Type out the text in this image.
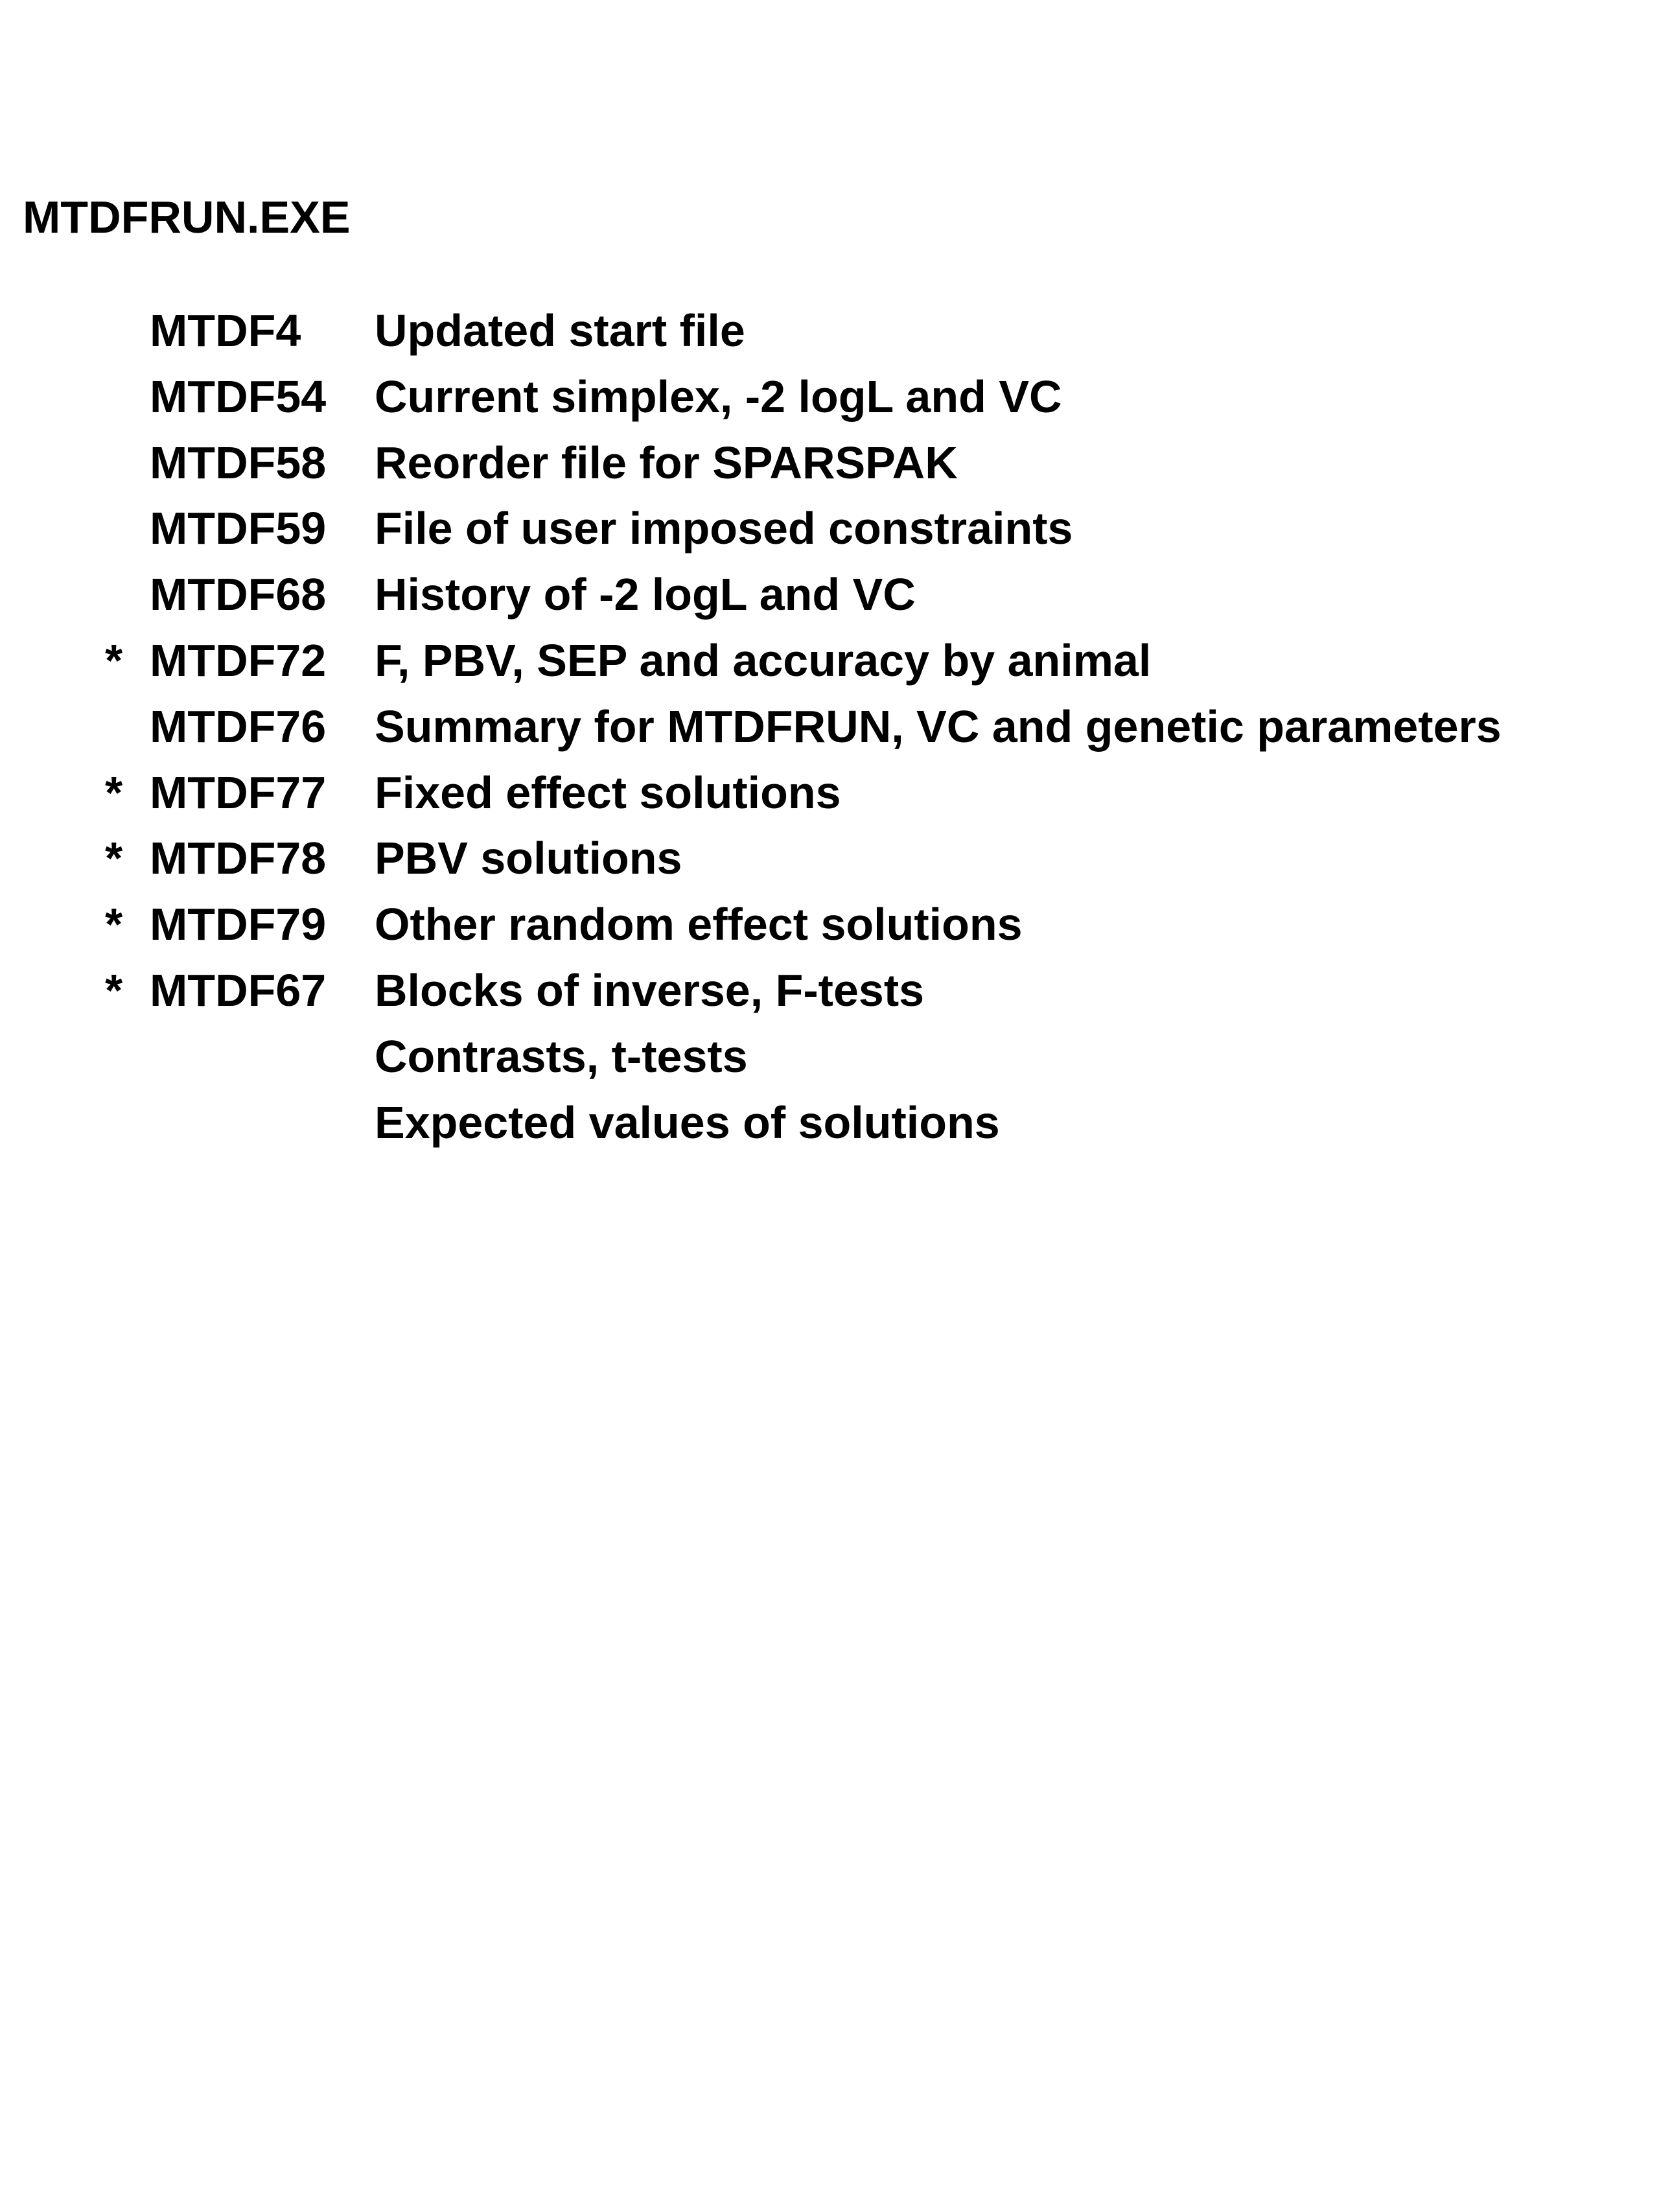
MTDFRUN.EXE
MTDF4 Updated start file
MTDF54 Current simplex, -2 logL and VC
MTDF58 Reorder file for SPARSPAK
MTDF59 File of user imposed constraints
MTDF68 History of -2 logL and VC
* MTDF72 F, PBV, SEP and accuracy by animal
MTDF76 Summary for MTDFRUN, VC and genetic parameters
* MTDF77 Fixed effect solutions
* MTDF78 PBV solutions
* MTDF79 Other random effect solutions
* MTDF67 Blocks of inverse, F-tests
Contrasts, t-tests
Expected values of solutions
